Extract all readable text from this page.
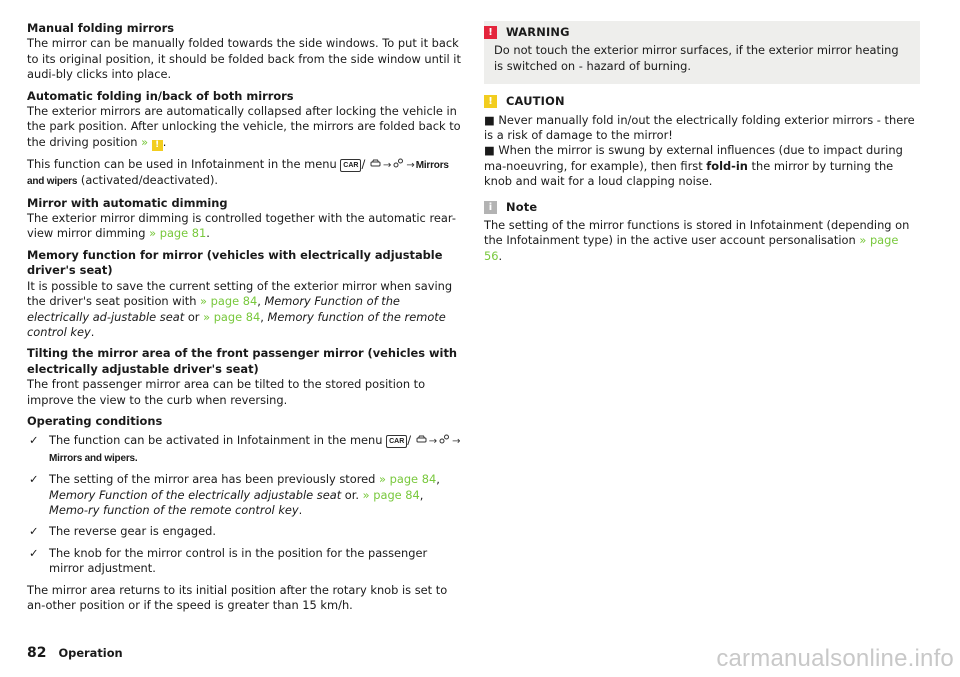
Manual folding mirrors
The mirror can be manually folded towards the side windows. To put it back to its original position, it should be folded back from the side window until it audi-bly clicks into place.

Automatic folding in/back of both mirrors
The exterior mirrors are automatically collapsed after locking the vehicle in the park position. After unlocking the vehicle, the mirrors are folded back to the driving position » ! .

This function can be used in Infotainment in the menu CAR / → →Mirrors and wipers (activated/deactivated).

Mirror with automatic dimming
The exterior mirror dimming is controlled together with the automatic rear-view mirror dimming » page 81.

Memory function for mirror (vehicles with electrically adjustable driver's seat)
It is possible to save the current setting of the exterior mirror when saving the driver's seat position with » page 84, Memory Function of the electrically ad-justable seat or » page 84, Memory function of the remote control key.

Tilting the mirror area of the front passenger mirror (vehicles with electrically adjustable driver's seat)
The front passenger mirror area can be tilted to the stored position to improve the view to the curb when reversing.

Operating conditions

✓ The function can be activated in Infotainment in the menu CAR / → →
Mirrors and wipers.
✓ The setting of the mirror area has been previously stored » page 84, Memory Function of the electrically adjustable seat or. » page 84, Memo-ry function of the remote control key.
✓ The reverse gear is engaged.
✓ The knob for the mirror control is in the position for the passenger mirror adjustment.

The mirror area returns to its initial position after the rotary knob is set to an-other position or if the speed is greater than 15 km/h.

!	WARNING
Do not touch the exterior mirror surfaces, if the exterior mirror heating is switched on - hazard of burning.
!	CAUTION
■ Never manually fold in/out the electrically folding exterior mirrors - there is a risk of damage to the mirror!
■ When the mirror is swung by external influences (due to impact during ma-noeuvring, for example), then first fold-in the mirror by turning the knob and wait for a loud clapping noise.
i	Note
The setting of the mirror functions is stored in Infotainment (depending on the Infotainment type) in the active user account personalisation » page 56.
82 Operation	carmanualsonline.info
